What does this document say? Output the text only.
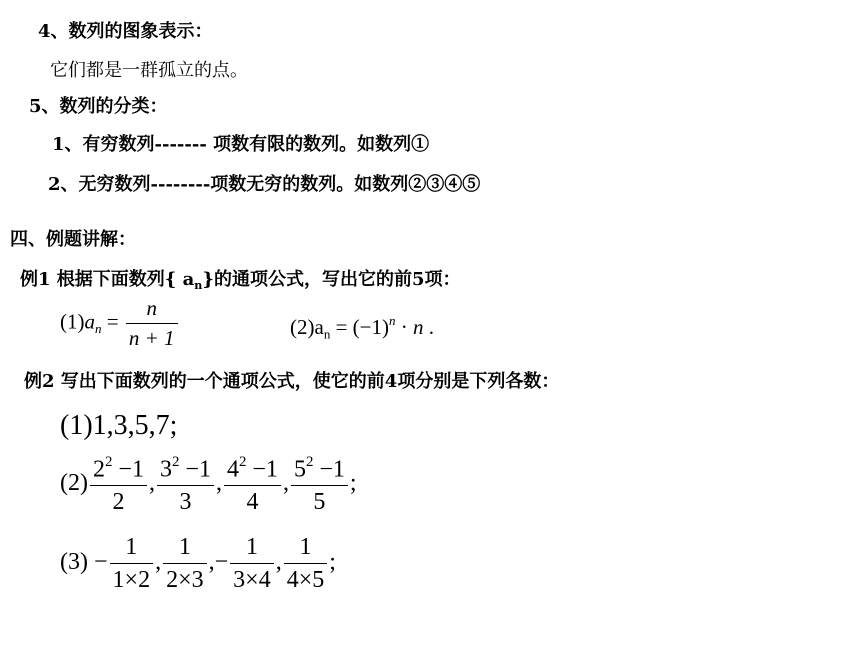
4、数列的图象表示：
它们都是一群孤立的点。
5、数列的分类：
1、有穷数列------- 项数有限的数列。如数列①
2、无穷数列--------项数无穷的数列。如数列②③④⑤
四、例题讲解：
例1 根据下面数列{ $a_n$}的通项公式，写出它的前5项：
$(1)a_n = \frac{n}{n + 1}$	$(2)a_n = (-1)^n \cdot n$ .
例2 写出下面数列的一个通项公式，使它的前4项分别是下列各数：
(1)1,3,5,7;
$(2) \frac{2^2 -1}{2}$ , $\frac{3^2 -1}{3}$ , $\frac{4^2 -1}{4}$ , $\frac{5^2 -1}{5}$ ;
$(3) - \frac{1}{1\times 2}$ , $\frac{1}{2\times 3}$ ,− $\frac{1}{3\times 4}$ , $\frac{1}{4\times 5}$ ;
